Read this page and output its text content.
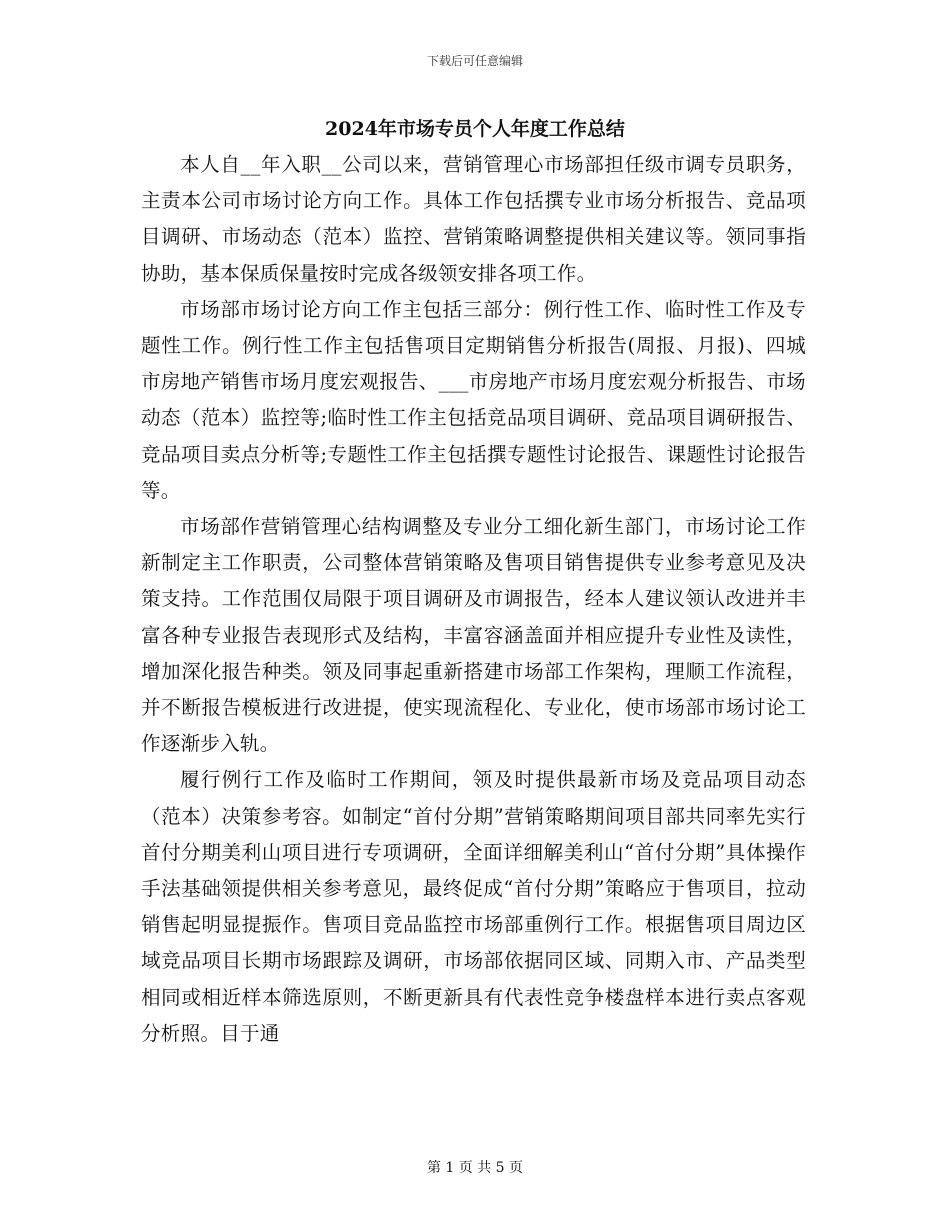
下载后可任意编辑
2024年市场专员个人年度工作总结

本人自__年入职__公司以来，营销管理心市场部担任级市调专员职务，主责本公司市场讨论方向工作。具体工作包括撰专业市场分析报告、竞品项目调研、市场动态（范本）监控、营销策略调整提供相关建议等。领同事指协助，基本保质保量按时完成各级领安排各项工作。

市场部市场讨论方向工作主包括三部分：例行性工作、临时性工作及专题性工作。例行性工作主包括售项目定期销售分析报告(周报、月报)、四城市房地产销售市场月度宏观报告、___市房地产市场月度宏观分析报告、市场动态（范本）监控等;临时性工作主包括竞品项目调研、竞品项目调研报告、竞品项目卖点分析等;专题性工作主包括撰专题性讨论报告、课题性讨论报告等。

市场部作营销管理心结构调整及专业分工细化新生部门，市场讨论工作新制定主工作职责，公司整体营销策略及售项目销售提供专业参考意见及决策支持。工作范围仅局限于项目调研及市调报告，经本人建议领认改进并丰富各种专业报告表现形式及结构，丰富容涵盖面并相应提升专业性及读性，增加深化报告种类。领及同事起重新搭建市场部工作架构，理顺工作流程，并不断报告模板进行改进提，使实现流程化、专业化，使市场部市场讨论工作逐渐步入轨。

履行例行工作及临时工作期间，领及时提供最新市场及竞品项目动态（范本）决策参考容。如制定“首付分期”营销策略期间项目部共同率先实行首付分期美利山项目进行专项调研，全面详细解美利山“首付分期”具体操作手法基础领提供相关参考意见，最终促成“首付分期”策略应于售项目，拉动销售起明显提振作。售项目竞品监控市场部重例行工作。根据售项目周边区域竞品项目长期市场跟踪及调研，市场部依据同区域、同期入市、产品类型相同或相近样本筛选原则，不断更新具有代表性竞争楼盘样本进行卖点客观分析照。目于通

第 1 页 共 5 页
